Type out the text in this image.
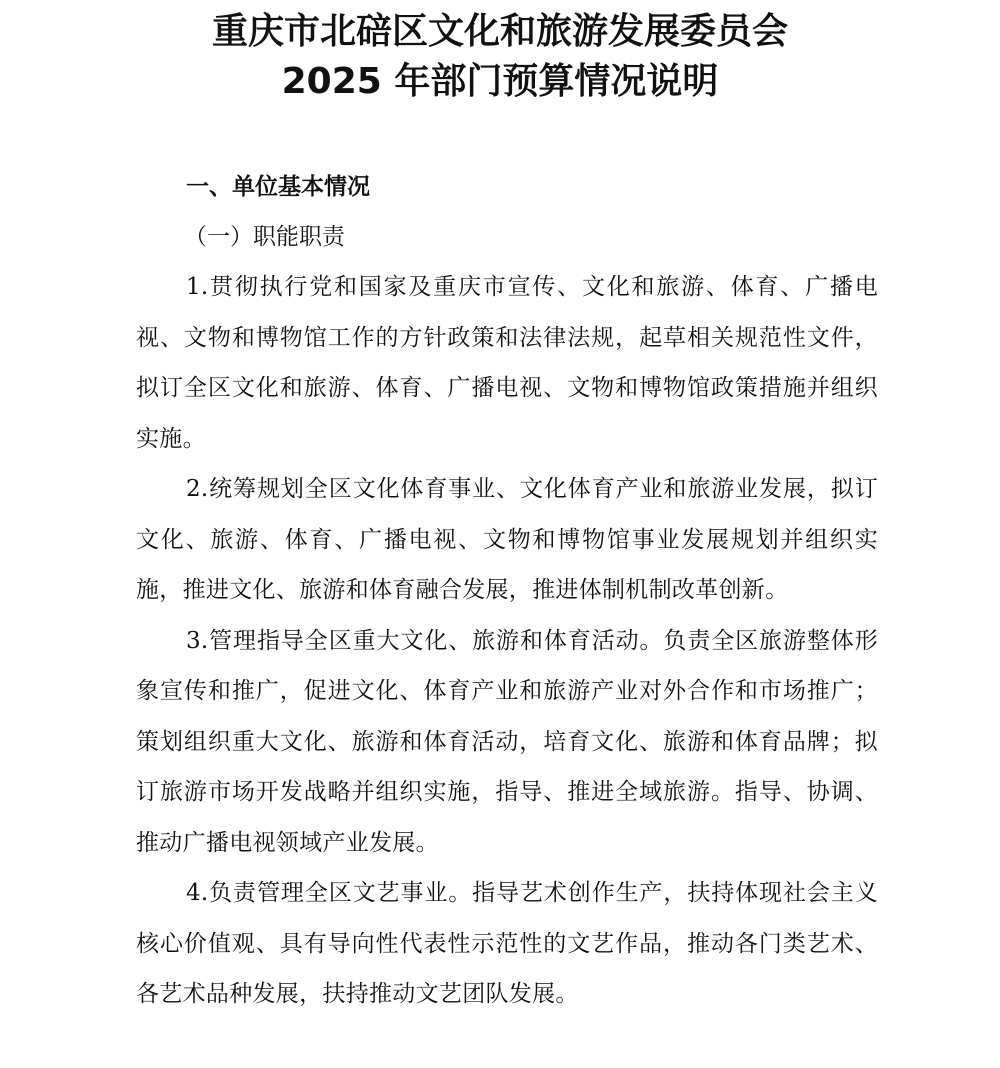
重庆市北碚区文化和旅游发展委员会
2025 年部门预算情况说明

一、单位基本情况

（一）职能职责

1.贯彻执行党和国家及重庆市宣传、文化和旅游、体育、广播电视、文物和博物馆工作的方针政策和法律法规，起草相关规范性文件，拟订全区文化和旅游、体育、广播电视、文物和博物馆政策措施并组织实施。

2.统筹规划全区文化体育事业、文化体育产业和旅游业发展，拟订文化、旅游、体育、广播电视、文物和博物馆事业发展规划并组织实施，推进文化、旅游和体育融合发展，推进体制机制改革创新。

3.管理指导全区重大文化、旅游和体育活动。负责全区旅游整体形象宣传和推广，促进文化、体育产业和旅游产业对外合作和市场推广；策划组织重大文化、旅游和体育活动，培育文化、旅游和体育品牌；拟订旅游市场开发战略并组织实施，指导、推进全域旅游。指导、协调、推动广播电视领域产业发展。

4.负责管理全区文艺事业。指导艺术创作生产，扶持体现社会主义核心价值观、具有导向性代表性示范性的文艺作品，推动各门类艺术、各艺术品种发展，扶持推动文艺团队发展。
